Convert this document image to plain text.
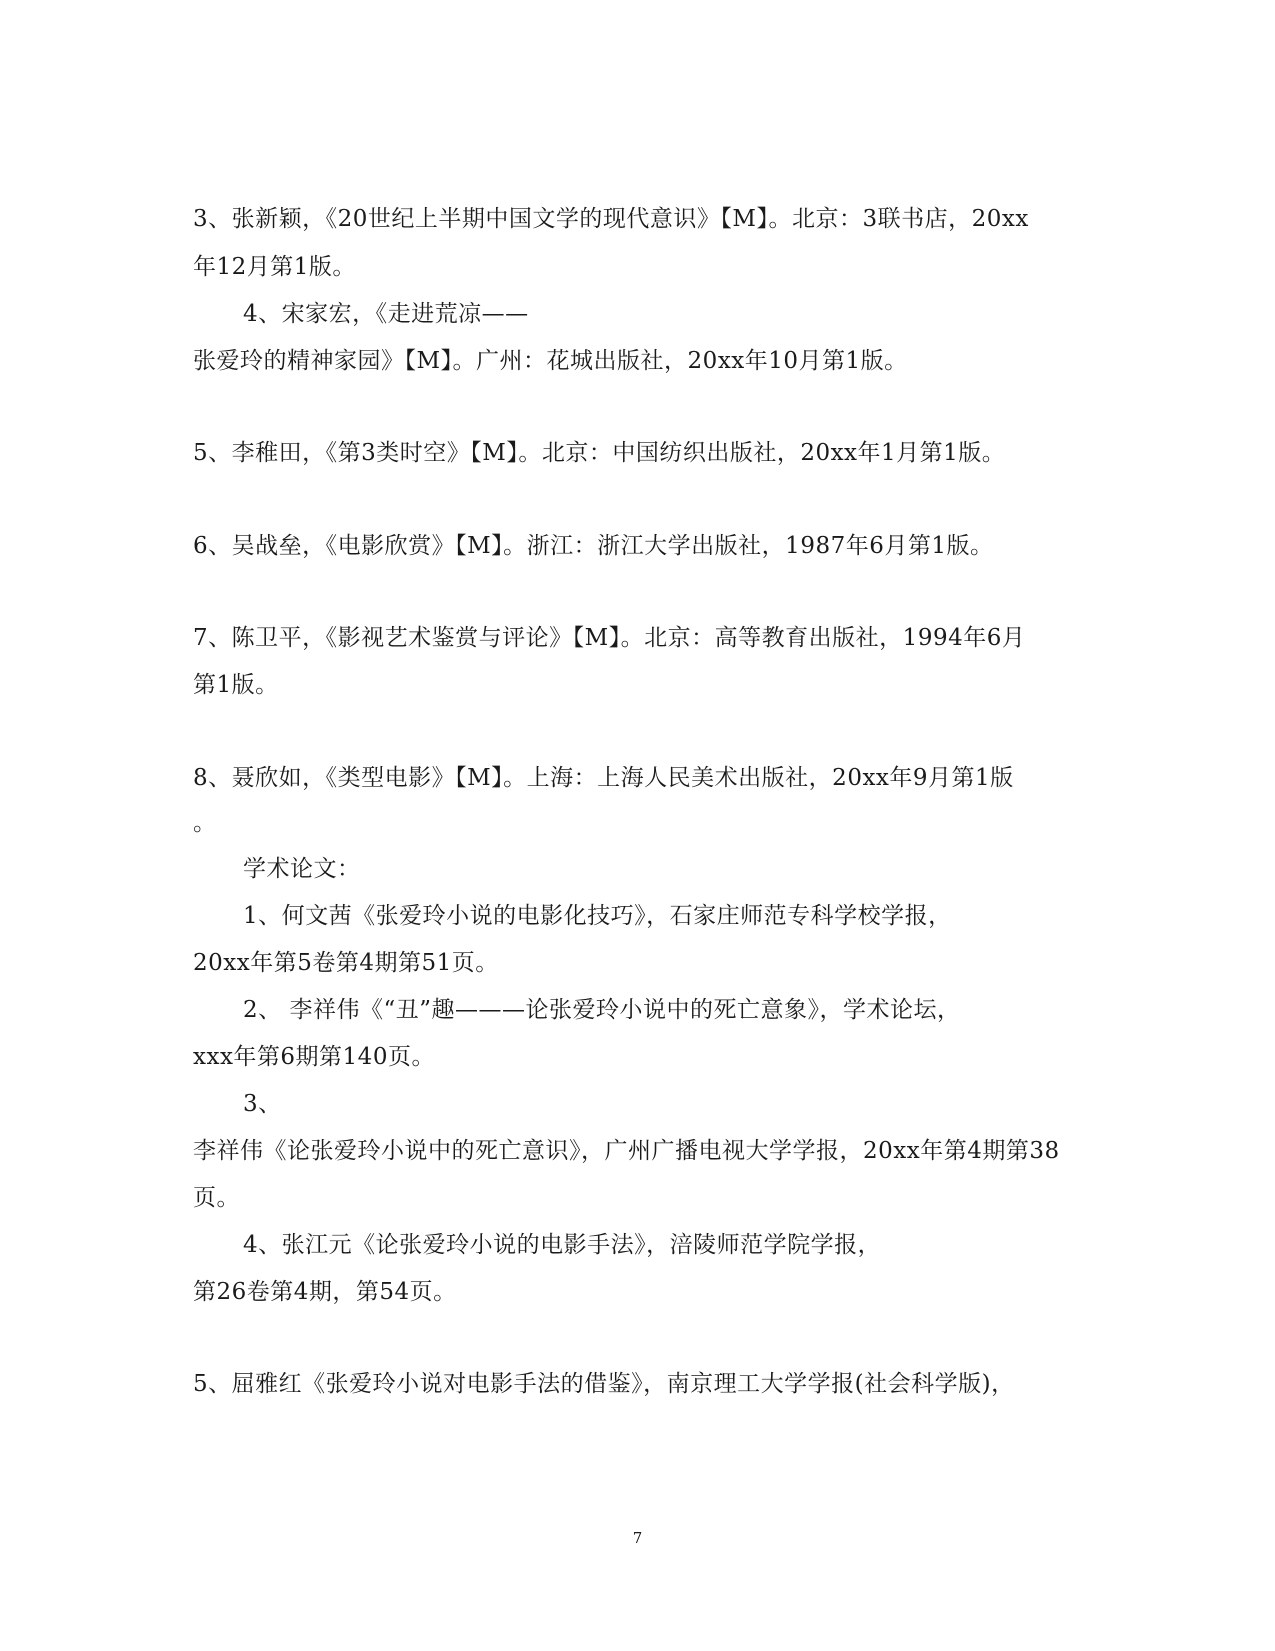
3、张新颖，《20世纪上半期中国文学的现代意识》【M】。北京：3联书店，20xx
年12月第1版。
4、宋家宏，《走进荒凉——
张爱玲的精神家园》【M】。广州：花城出版社，20xx年10月第1版。
5、李稚田，《第3类时空》【M】。北京：中国纺织出版社，20xx年1月第1版。
6、吴战垒，《电影欣赏》【M】。浙江：浙江大学出版社，1987年6月第1版。
7、陈卫平，《影视艺术鉴赏与评论》【M】。北京：高等教育出版社，1994年6月
第1版。
8、聂欣如，《类型电影》【M】。上海：上海人民美术出版社，20xx年9月第1版
。
学术论文：
1、何文茜《张爱玲小说的电影化技巧》，石家庄师范专科学校学报，
20xx年第5卷第4期第51页。
2、 李祥伟《“丑”趣———论张爱玲小说中的死亡意象》，学术论坛，
xxx年第6期第140页。
3、
李祥伟《论张爱玲小说中的死亡意识》，广州广播电视大学学报，20xx年第4期第38
页。
4、张江元《论张爱玲小说的电影手法》，涪陵师范学院学报，
第26卷第4期，第54页。
5、屈雅红《张爱玲小说对电影手法的借鉴》，南京理工大学学报(社会科学版)，
7
